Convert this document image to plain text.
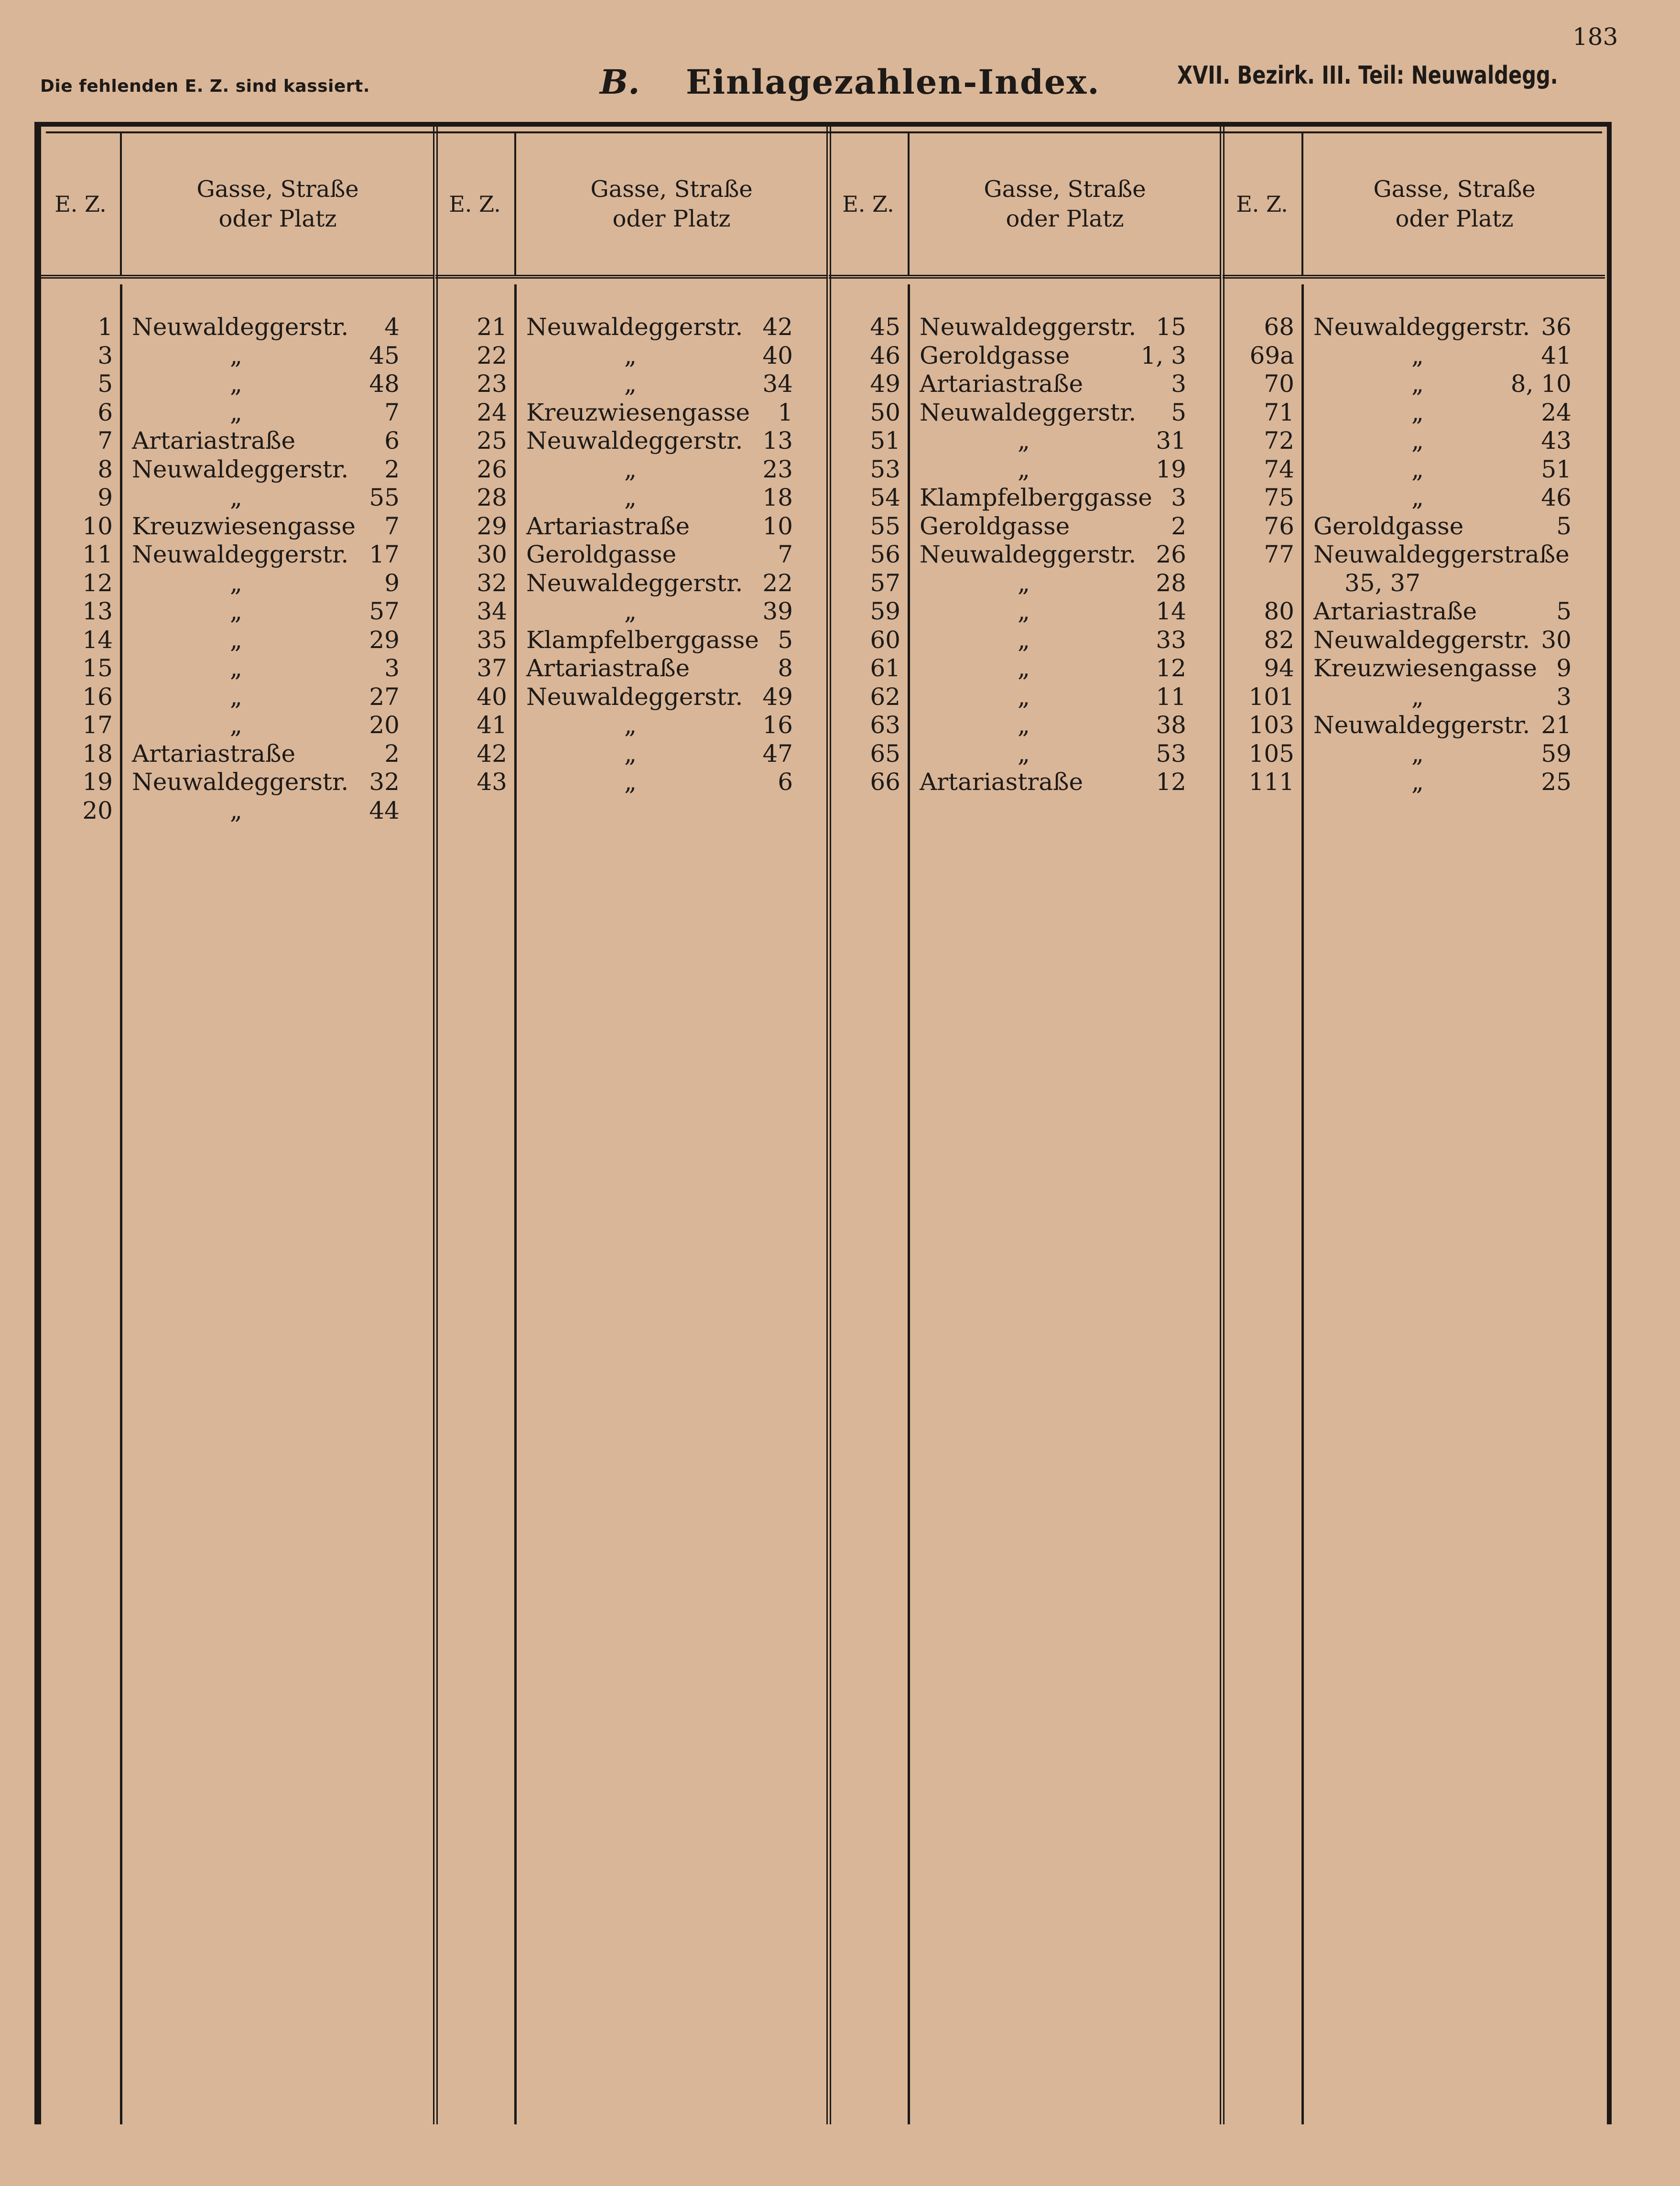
183
Die fehlenden E. Z. sind kassiert.	B. Einlagezahlen-Index.	XVII. Bezirk. III. Teil: Neuwaldegg.
E. Z.
Gasse, Straße
oder Platz
1 Neuwaldeggerstr. 4
3	„	45
5	„	48
6	„	7
7 Artariastraße	6
8 Neuwaldeggerstr. 2
9	„	55
10 Kreuzwiesengasse 7
11 Neuwaldeggerstr. 17
12	„	9
13	„	57
14	„	29
15	„	3
16	„	27
17	„	20
18 Artariastraße	2
19 Neuwaldeggerstr. 32
20	„	44
E. Z.
Gasse, Straße
oder Platz
21 Neuwaldeggerstr. 42
22	„	40
23	„	34
24 Kreuzwiesengasse 1
25 Neuwaldeggerstr. 13
26	„	23
28	„	18
29 Artariastraße	10
30 Geroldgasse	7
32 Neuwaldeggerstr. 22
34	„	39
35 Klampfelberggasse 5
37 Artariastraße	8
40 Neuwaldeggerstr. 49
41	„	16
42	„	47
43	„	6
E. Z.
Gasse, Straße
oder Platz
45 Neuwaldeggerstr. 15
46 Geroldgasse	1, 3
49 Artariastraße	3
50 Neuwaldeggerstr. 5
51	„	31
53	„	19
54 Klampfelberggasse 3
55 Geroldgasse	2
56 Neuwaldeggerstr. 26
57	„	28
59	„	14
60	„	33
61	„	12
62	„	11
63	„	38
65	„	53
66 Artariastraße	12
E. Z.
Gasse, Straße
oder Platz
68 Neuwaldeggerstr. 36
69a	„	41
70	„	8, 10
71	„	24
72	„	43
74	„	51
75	„	46
76 Geroldgasse	5
77 Neuwaldeggerstraße
35, 37
80 Artariastraße	5
82 Neuwaldeggerstr. 30
94 Kreuzwiesengasse 9
101	„	3
103 Neuwaldeggerstr. 21
105	„	59
111	„	25
